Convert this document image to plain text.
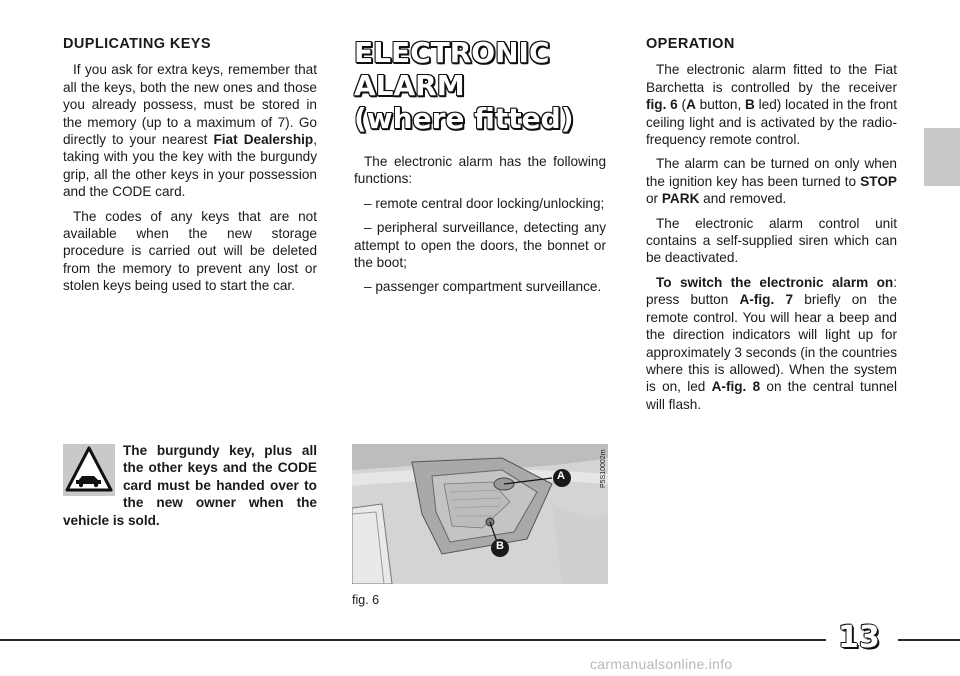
DUPLICATING KEYS

If you ask for extra keys, remember that all the keys, both the new ones and those you already possess, must be stored in the memory (up to a maximum of 7). Go directly to your nearest Fiat Dealership, taking with you the key with the burgundy grip, all the other keys in your possession and the CODE card.

The codes of any keys that are not available when the new storage procedure is carried out will be deleted from the memory to prevent any lost or stolen keys being used to start the car.

The burgundy key, plus all the other keys and the CODE card must be handed over to the new owner when the vehicle is sold.
ELECTRONIC
ALARM
(where fitted)

The electronic alarm has the following functions:

– remote central door locking/unlocking;

– peripheral surveillance, detecting any attempt to open the doors, the bonnet or the boot;

– passenger compartment surveillance.

A
B
P5S10002m
fig. 6
OPERATION

The electronic alarm fitted to the Fiat Barchetta is controlled by the receiver fig. 6 (A button, B led) located in the front ceiling light and is activated by the radio-frequency remote control.

The alarm can be turned on only when the ignition key has been turned to STOP or PARK and removed.

The electronic alarm control unit contains a self-supplied siren which can be deactivated.

To switch the electronic alarm on: press button A-fig. 7 briefly on the remote control. You will hear a beep and the direction indicators will light up for approximately 3 seconds (in the countries where this is allowed). When the system is on, led A-fig. 8 on the central tunnel will flash.

13
carmanualsonline.info
